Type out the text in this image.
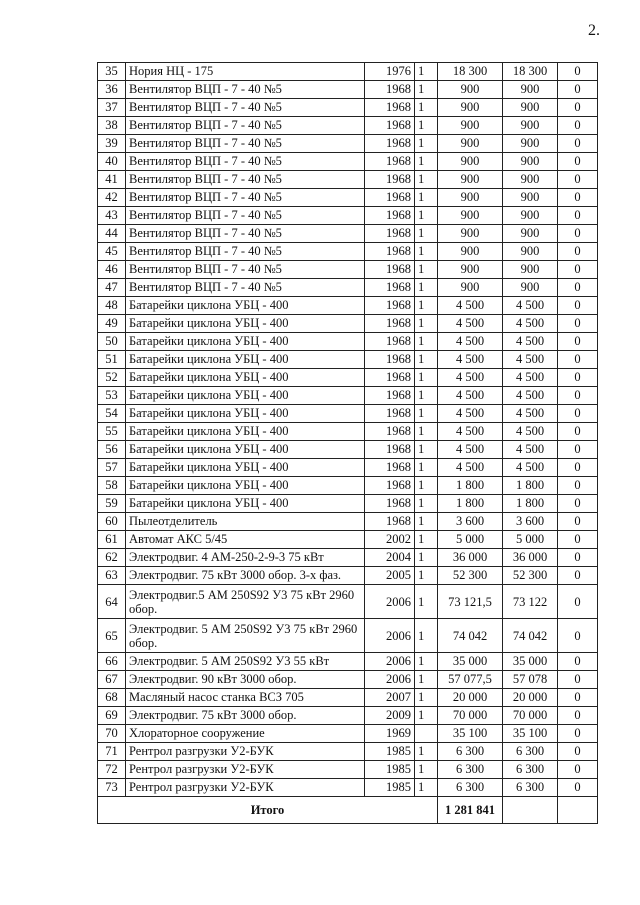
2.
35	Нория НЦ - 175	1976	1	18 300	18 300	0
36	Вентилятор ВЦП - 7 - 40 №5	1968	1	900	900	0
37	Вентилятор ВЦП - 7 - 40 №5	1968	1	900	900	0
38	Вентилятор ВЦП - 7 - 40 №5	1968	1	900	900	0
39	Вентилятор ВЦП - 7 - 40 №5	1968	1	900	900	0
40	Вентилятор ВЦП - 7 - 40 №5	1968	1	900	900	0
41	Вентилятор ВЦП - 7 - 40 №5	1968	1	900	900	0
42	Вентилятор ВЦП - 7 - 40 №5	1968	1	900	900	0
43	Вентилятор ВЦП - 7 - 40 №5	1968	1	900	900	0
44	Вентилятор ВЦП - 7 - 40 №5	1968	1	900	900	0
45	Вентилятор ВЦП - 7 - 40 №5	1968	1	900	900	0
46	Вентилятор ВЦП - 7 - 40 №5	1968	1	900	900	0
47	Вентилятор ВЦП - 7 - 40 №5	1968	1	900	900	0
48	Батарейки циклона УБЦ - 400	1968	1	4 500	4 500	0
49	Батарейки циклона УБЦ - 400	1968	1	4 500	4 500	0
50	Батарейки циклона УБЦ - 400	1968	1	4 500	4 500	0
51	Батарейки циклона УБЦ - 400	1968	1	4 500	4 500	0
52	Батарейки циклона УБЦ - 400	1968	1	4 500	4 500	0
53	Батарейки циклона УБЦ - 400	1968	1	4 500	4 500	0
54	Батарейки циклона УБЦ - 400	1968	1	4 500	4 500	0
55	Батарейки циклона УБЦ - 400	1968	1	4 500	4 500	0
56	Батарейки циклона УБЦ - 400	1968	1	4 500	4 500	0
57	Батарейки циклона УБЦ - 400	1968	1	4 500	4 500	0
58	Батарейки циклона УБЦ - 400	1968	1	1 800	1 800	0
59	Батарейки циклона УБЦ - 400	1968	1	1 800	1 800	0
60	Пылеотделитель	1968	1	3 600	3 600	0
61	Автомат АКС 5/45	2002	1	5 000	5 000	0
62	Электродвиг. 4 АМ-250-2-9-3 75 кВт	2004	1	36 000	36 000	0
63	Электродвиг. 75 кВт 3000 обор. 3-х фаз.	2005	1	52 300	52 300	0
64	Электродвиг.5 АМ 250S92 У3 75 кВт 2960 обор.	2006	1	73 121,5	73 122	0
65	Электродвиг. 5 АМ 250S92 У3 75 кВт 2960 обор.	2006	1	74 042	74 042	0
66	Электродвиг. 5 АМ 250S92 У3 55 кВт	2006	1	35 000	35 000	0
67	Электродвиг. 90 кВт 3000 обор.	2006	1	57 077,5	57 078	0
68	Масляный насос станка ВСЗ 705	2007	1	20 000	20 000	0
69	Электродвиг. 75 кВт 3000 обор.	2009	1	70 000	70 000	0
70	Хлораторное сооружение	1969		35 100	35 100	0
71	Рентрол разгрузки У2-БУК	1985	1	6 300	6 300	0
72	Рентрол разгрузки У2-БУК	1985	1	6 300	6 300	0
73	Рентрол разгрузки У2-БУК	1985	1	6 300	6 300	0
Итого				1 281 841		
